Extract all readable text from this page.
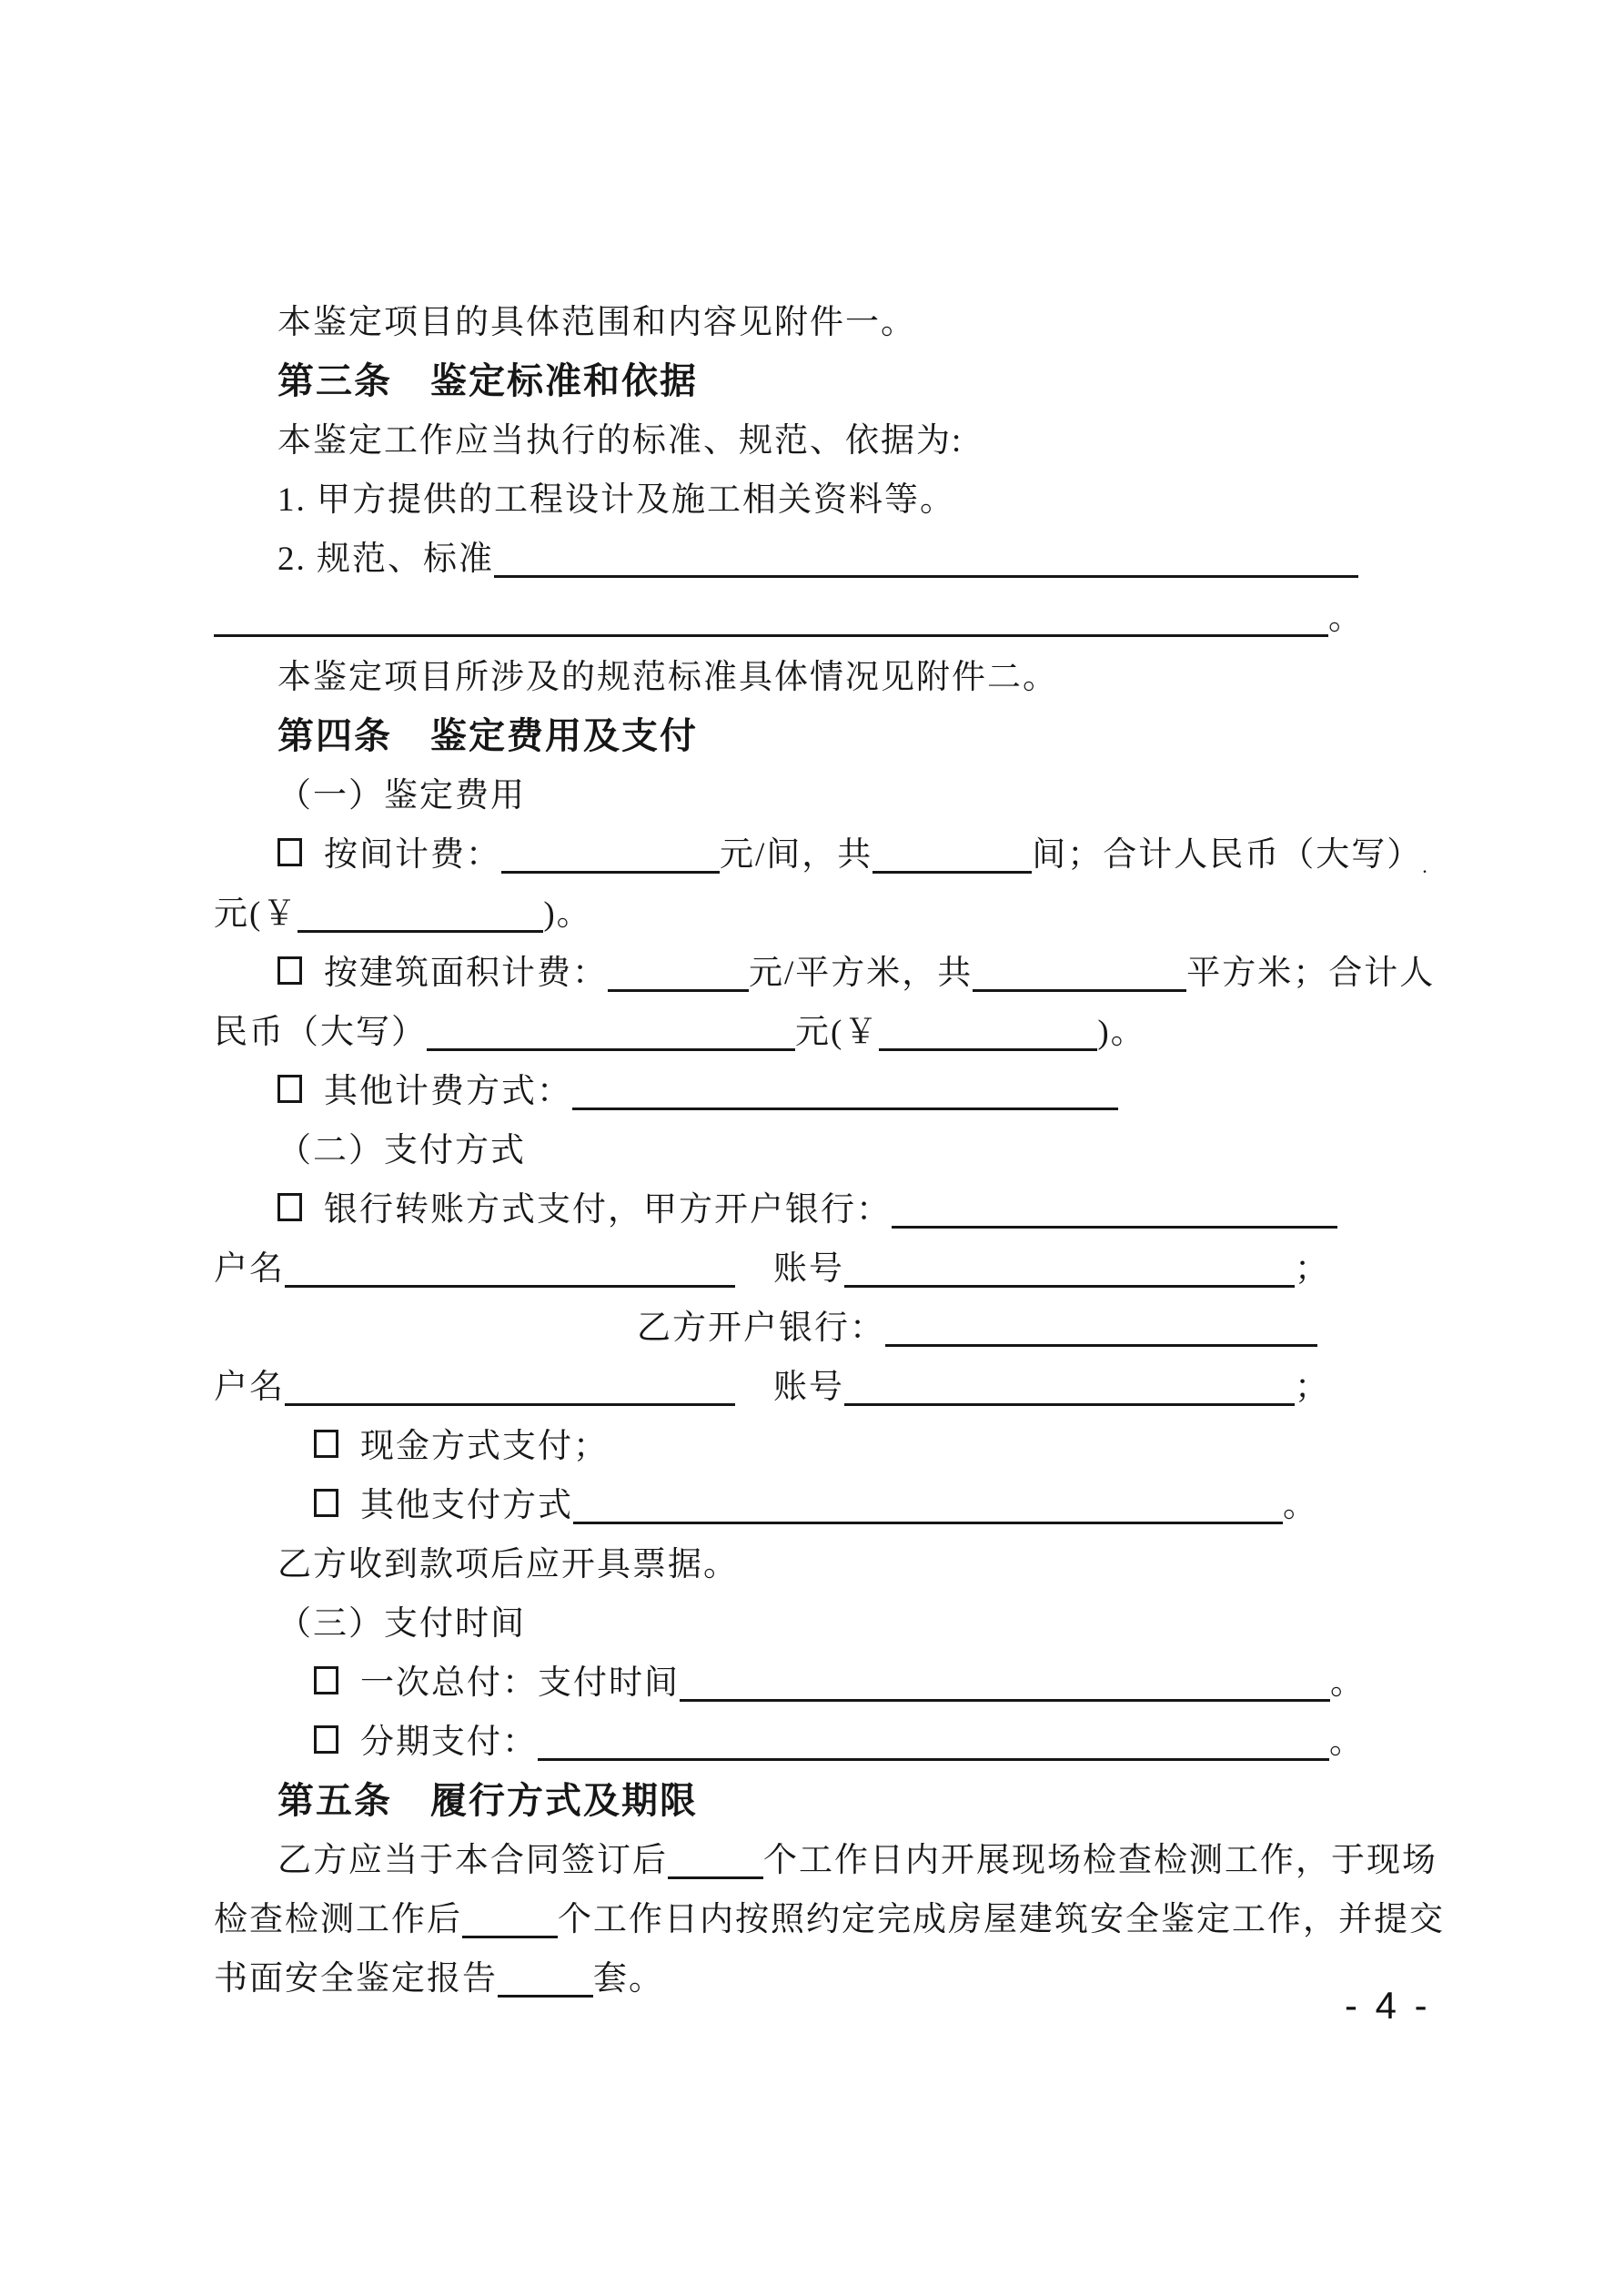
本鉴定项目的具体范围和内容见附件一。
第三条　鉴定标准和依据
本鉴定工作应当执行的标准、规范、依据为:
1. 甲方提供的工程设计及施工相关资料等。
2. 规范、标准
。
本鉴定项目所涉及的规范标准具体情况见附件二。
第四条　鉴定费用及支付
（一）鉴定费用
按间计费：	元/间，共	间；合计人民币（大写）$_.$
元(￥	)。
按建筑面积计费：	元/平方米，共	平方米；合计人
民币（大写）	元(￥	)。
其他计费方式：
（二）支付方式
银行转账方式支付，甲方开户银行：
户名	账号	；
乙方开户银行：
户名	账号	；
现金方式支付；
其他支付方式	。
乙方收到款项后应开具票据。
（三）支付时间
一次总付：支付时间	。
分期支付：	。
第五条　履行方式及期限
乙方应当于本合同签订后	个工作日内开展现场检查检测工作，于现场
检查检测工作后	个工作日内按照约定完成房屋建筑安全鉴定工作，并提交
书面安全鉴定报告	套。
- 4 -
